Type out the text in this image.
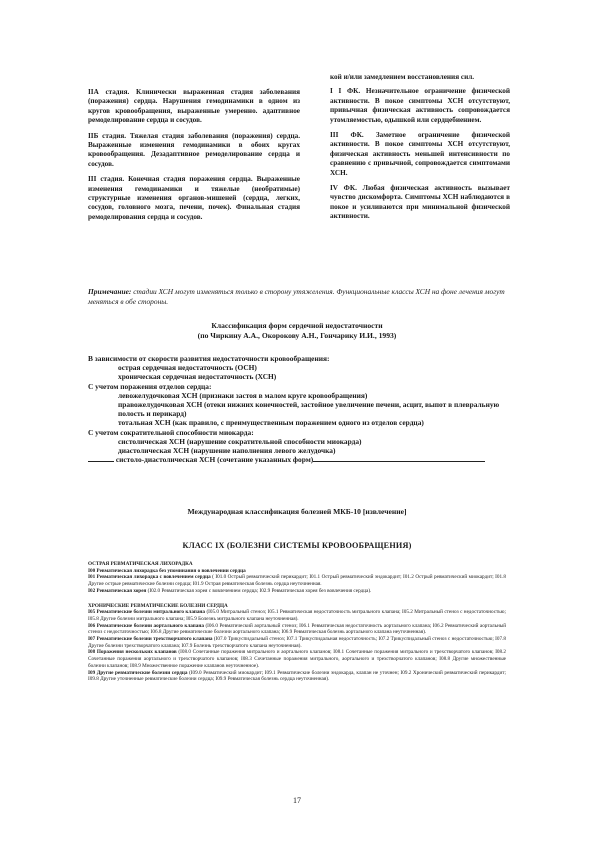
IIА стадия. Клинически выраженная стадия заболевания (поражения) сердца. Нарушения гемодинамики в одном из кругов кровообращения, выраженные умеренно. адаптивное ремоделирование сердца и сосудов.

IIБ стадия. Тяжелая стадия заболевания (поражения) сердца. Выраженные изменения гемодинамики в обоих кругах кровообращения. Дезадаптивное ремоделирование сердца и сосудов.

III стадия. Конечная стадия поражения сердца. Выраженные изменения гемодинамики и тяжелые (необратимые) структурные изменения органов-мишеней (сердца, легких, сосудов, головного мозга, печени, почек). Финальная стадия ремоделирования сердца и сосудов.

кой и/или замедлением восстановления сил.

I I ФК. Незначительное ограничение физической активности. В покое симптомы ХСН отсутствуют, привычная физическая активность сопровождается утомляемостью, одышкой или сердцебиением.

III ФК. Заметное ограничение физической активности. В покое симптомы ХСН отсутствуют, физическая активность меньшей интенсивности по сравнению с привычной, сопровождается симптомами ХСН.

IV ФК. Любая физическая активность вызывает чувство дискомфорта. Симптомы ХСН наблюдаются в покое и усиливаются при минимальной физической активности.

Примечание: стадии ХСН могут изменяться только в сторону утяжеления. Функциональные классы ХСН на фоне лечения могут меняться в обе стороны.
Классификация форм сердечной недостаточности
(по Чиркину А.А., Окорокову А.Н., Гончарику И.И., 1993)
В зависимости от скорости развития недостаточности кровообращения:
острая сердечная недостаточность (ОСН)
хроническая сердечная недостаточность (ХСН)
С учетом поражения отделов сердца:
левожелудочковая ХСН (признаки застоя в малом круге кровообращения)
правожелудочковая ХСН (отеки нижних конечностей, застойное увеличение печени, асцит, выпот в плевральную полость и перикард)
тотальная ХСН (как правило, с преимущественным поражением одного из отделов сердца)
С учетом сократительной способности миокарда:
систолическая ХСН (нарушение сократительной способности миокарда)
диастолическая ХСН (нарушение наполнения левого желудочка)
систоло-диастолическая ХСН (сочетание указанных форм)
Международная классификация болезней МКБ-10 [извлечение]
КЛАСС IX (БОЛЕЗНИ СИСТЕМЫ КРОВООБРАЩЕНИЯ)
ОСТРАЯ РЕВМАТИЧЕСКАЯ ЛИХОРАДКА

I00 Ревматическая лихорадка без упоминания о вовлечении сердца

I01 Ревматическая лихорадка с вовлечением сердца ( I01.0 Острый ревматический перикардит; I01.1 Острый ревматический эндокардит; I01.2 Острый ревматический миокардит; I01.8 Другие острые ревматические болезни сердца; I01.9 Острая ревматическая болезнь сердца неуточненная.

I02 Ревматическая хорея (I02.0 Ревматическая хорея с вовлечением сердца; I02.9 Ревматическая хорея без вовлечения сердца).

ХРОНИЧЕСКИЕ РЕВМАТИЧЕСКИЕ БОЛЕЗНИ СЕРДЦА

I05 Ревматические болезни митрального клапана (I05.0 Митральный стеноз; I05.1 Ревматическая недостаточность митрального клапана; I05.2 Митральный стеноз с недостаточностью; I05.8 Другие болезни митрального клапана; I05.9 Болезнь митрального клапана неуточненная).

I06 Ревматические болезни аортального клапана (I06.0 Ревматический аортальный стеноз; I06.1 Ревматическая недостаточность аортального клапана; I06.2 Ревматический аортальный стеноз с недостаточностью; I06.8 Другие ревматические болезни аортального клапана; I06.9 Ревматическая болезнь аортального клапана неуточненная).

I07 Ревматические болезни трехстворчатого клапана (I07.0 Трикуспидальный стеноз; I07.1 Трикуспидальная недостаточность; I07.2 Трикуспидальный стеноз с недостаточностью; I07.8 Другие болезни трехстворчатого клапана; I07.9 Болезнь трехстворчатого клапана неуточненная).

I08 Поражения нескольких клапанов (I08.0 Сочетанные поражения митрального и аортального клапанов; I08.1 Сочетанные поражения митрального и трехстворчатого клапанов; I08.2 Сочетанные поражения аортального и трехстворчатого клапанов; I08.3 Сочетанные поражения митрального, аортального и трехстворчатого клапанов; I08.8 Другие множественные болезни клапанов; I08.9 Множественное поражение клапанов неуточненное).

I09 Другие ревматические болезни сердца (I09.0 Ревматический миокардит; I09.1 Ревматические болезни эндокарда, клапан не уточнен; I09.2 Хронический ревматический перикардит; I09.8 Другие уточненные ревматические болезни сердца; I09.9 Ревматическая болезнь сердца неуточненная).

17
